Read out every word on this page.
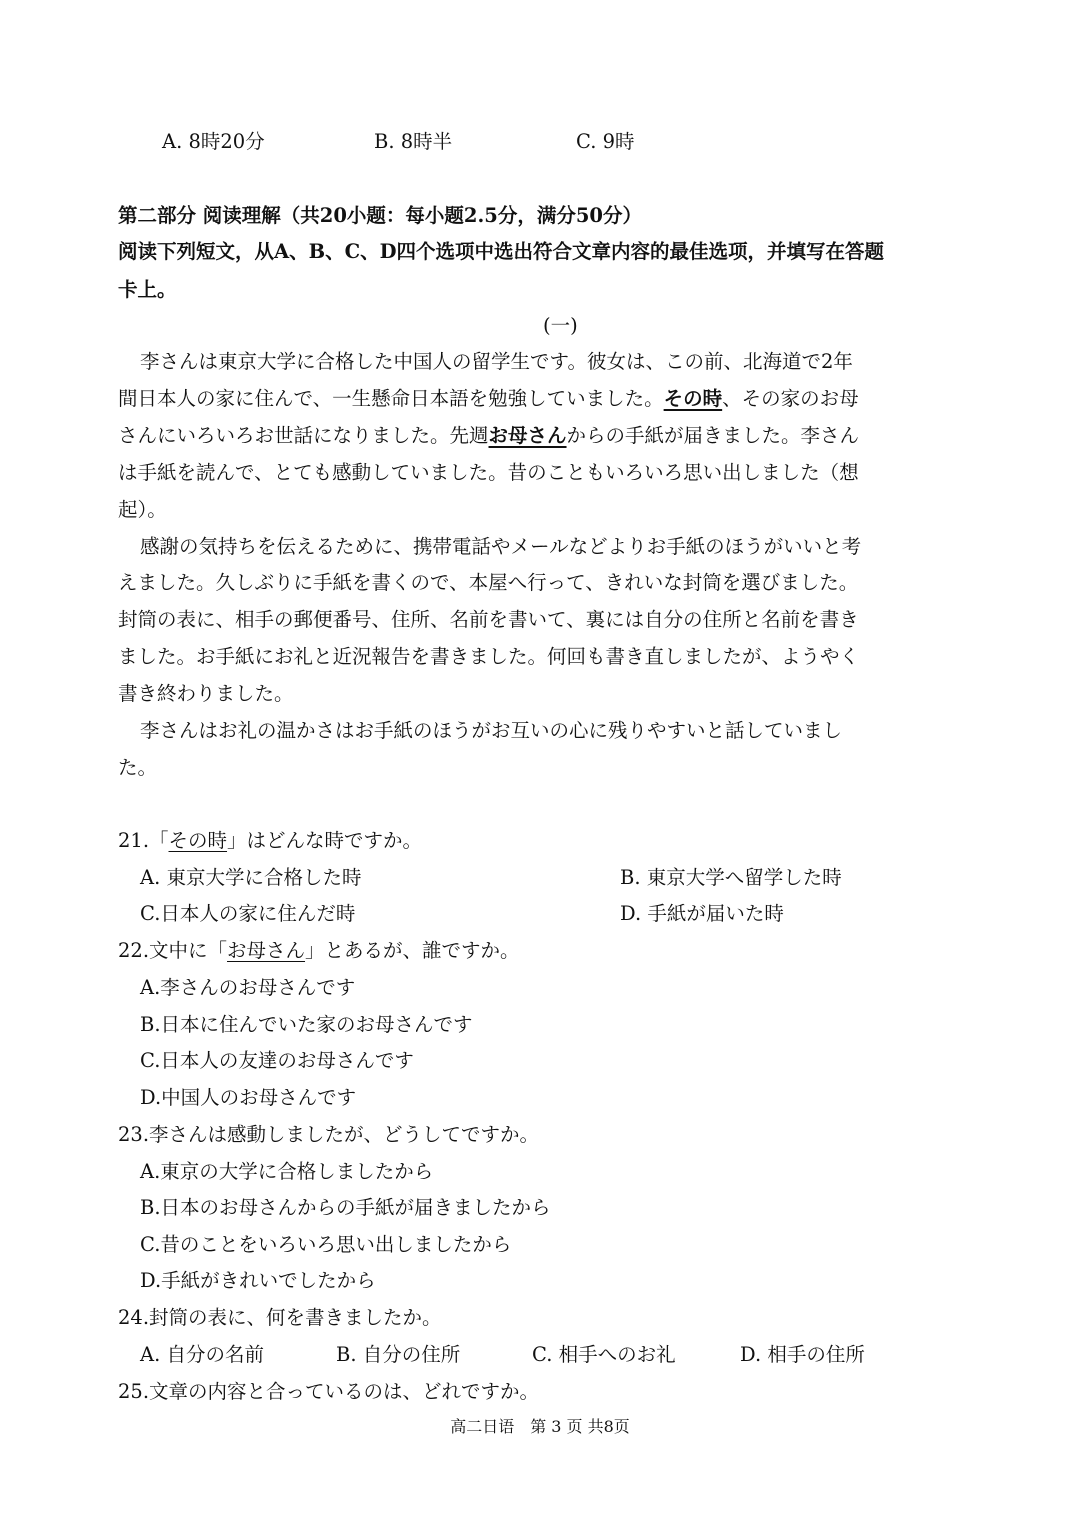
A. 8時20分	B. 8時半	C. 9時
第二部分 阅读理解（共20小题：每小题2.5分，满分50分）
阅读下列短文，从A、B、C、D四个选项中选出符合文章内容的最佳选项，并填写在答题
卡上。
(一)
李さんは東京大学に合格した中国人の留学生です。彼女は、この前、北海道で2年
間日本人の家に住んで、一生懸命日本語を勉強していました。その時、その家のお母
さんにいろいろお世話になりました。先週お母さんからの手紙が届きました。李さん
は手紙を読んで、とても感動していました。昔のこともいろいろ思い出しました（想
起）。
感謝の気持ちを伝えるために、携帯電話やメールなどよりお手紙のほうがいいと考
えました。久しぶりに手紙を書くので、本屋へ行って、きれいな封筒を選びました。
封筒の表に、相手の郵便番号、住所、名前を書いて、裏には自分の住所と名前を書き
ました。お手紙にお礼と近況報告を書きました。何回も書き直しましたが、ようやく
書き終わりました。
李さんはお礼の温かさはお手紙のほうがお互いの心に残りやすいと話していまし
た。
21.「その時」はどんな時ですか。
A. 東京大学に合格した時	B. 東京大学へ留学した時
C.日本人の家に住んだ時	D. 手紙が届いた時
22.文中に「お母さん」とあるが、誰ですか。
A.李さんのお母さんです
B.日本に住んでいた家のお母さんです
C.日本人の友達のお母さんです
D.中国人のお母さんです
23.李さんは感動しましたが、どうしてですか。
A.東京の大学に合格しましたから
B.日本のお母さんからの手紙が届きましたから
C.昔のことをいろいろ思い出しましたから
D.手紙がきれいでしたから
24.封筒の表に、何を書きましたか。
A. 自分の名前	B. 自分の住所	C. 相手へのお礼	D. 相手の住所
25.文章の内容と合っているのは、どれですか。
高二日语　第 3 页 共8页
